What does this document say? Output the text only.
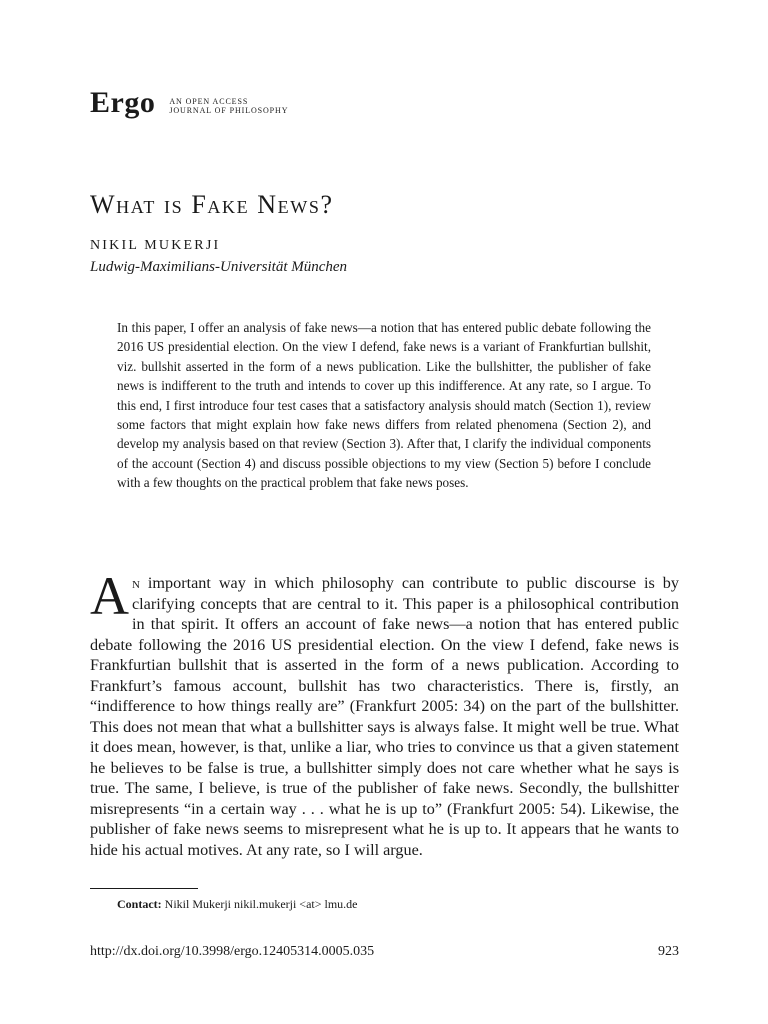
Ergo AN OPEN ACCESS
JOURNAL OF PHILOSOPHY
What is Fake News?
NIKIL MUKERJI
Ludwig-Maximilians-Universität München

In this paper, I offer an analysis of fake news—a notion that has entered public debate following the 2016 US presidential election. On the view I defend, fake news is a variant of Frankfurtian bullshit, viz. bullshit asserted in the form of a news publication. Like the bullshitter, the publisher of fake news is indifferent to the truth and intends to cover up this indifference. At any rate, so I argue. To this end, I first introduce four test cases that a satisfactory analysis should match (Section 1), review some factors that might explain how fake news differs from related phenomena (Section 2), and develop my analysis based on that review (Section 3). After that, I clarify the individual components of the account (Section 4) and discuss possible objections to my view (Section 5) before I conclude with a few thoughts on the practical problem that fake news poses.

An important way in which philosophy can contribute to public discourse is by clarifying concepts that are central to it. This paper is a philosophical contribution in that spirit. It offers an account of fake news—a notion that has entered public debate following the 2016 US presidential election. On the view I defend, fake news is Frankfurtian bullshit that is asserted in the form of a news publication. According to Frankfurt’s famous account, bullshit has two characteristics. There is, firstly, an “indifference to how things really are” (Frankfurt 2005: 34) on the part of the bullshitter. This does not mean that what a bullshitter says is always false. It might well be true. What it does mean, however, is that, unlike a liar, who tries to convince us that a given statement he believes to be false is true, a bullshitter simply does not care whether what he says is true. The same, I believe, is true of the publisher of fake news. Secondly, the bullshitter misrepresents “in a certain way . . . what he is up to” (Frankfurt 2005: 54). Likewise, the publisher of fake news seems to misrepresent what he is up to. It appears that he wants to hide his actual motives. At any rate, so I will argue.

Contact: Nikil Mukerji nikil.mukerji <at> lmu.de
http://dx.doi.org/10.3998/ergo.12405314.0005.035	923
